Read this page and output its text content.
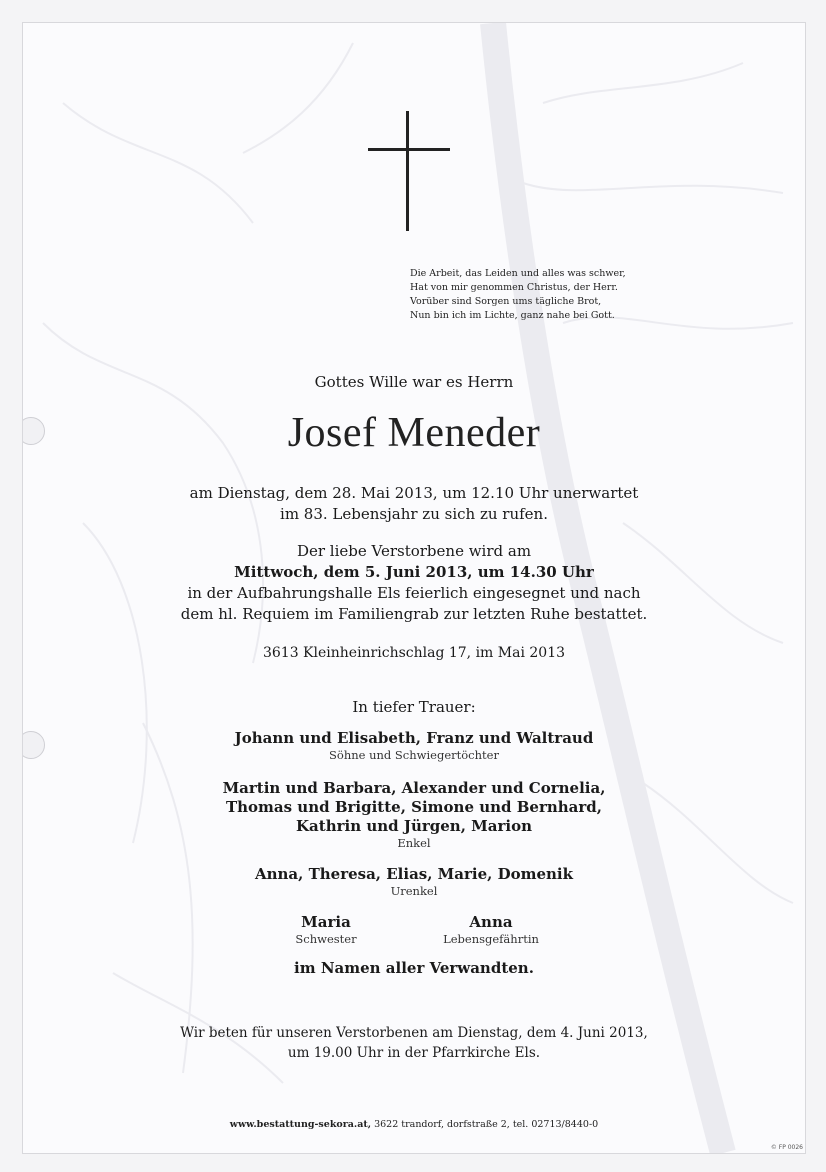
Die Arbeit, das Leiden und alles was schwer,
Hat von mir genommen Christus, der Herr.
Vorüber sind Sorgen ums tägliche Brot,
Nun bin ich im Lichte, ganz nahe bei Gott.
Gottes Wille war es Herrn
Josef Meneder
am Dienstag, dem 28. Mai 2013, um 12.10 Uhr unerwartet
im 83. Lebensjahr zu sich zu rufen.
Der liebe Verstorbene wird am
Mittwoch, dem 5. Juni 2013, um 14.30 Uhr
in der Aufbahrungshalle Els feierlich eingesegnet und nach
dem hl. Requiem im Familiengrab zur letzten Ruhe bestattet.
3613 Kleinheinrichschlag 17, im Mai 2013
In tiefer Trauer:
Johann und Elisabeth, Franz und Waltraud
Söhne und Schwiegertöchter
Martin und Barbara, Alexander und Cornelia,
Thomas und Brigitte, Simone und Bernhard,
Kathrin und Jürgen, Marion
Enkel
Anna, Theresa, Elias, Marie, Domenik
Urenkel
Maria
Schwester
Anna
Lebensgefährtin
im Namen aller Verwandten.
Wir beten für unseren Verstorbenen am Dienstag, dem 4. Juni 2013,
um 19.00 Uhr in der Pfarrkirche Els.
www.bestattung-sekora.at, 3622 trandorf, dorfstraße 2, tel. 02713/8440-0
© FP 0026
